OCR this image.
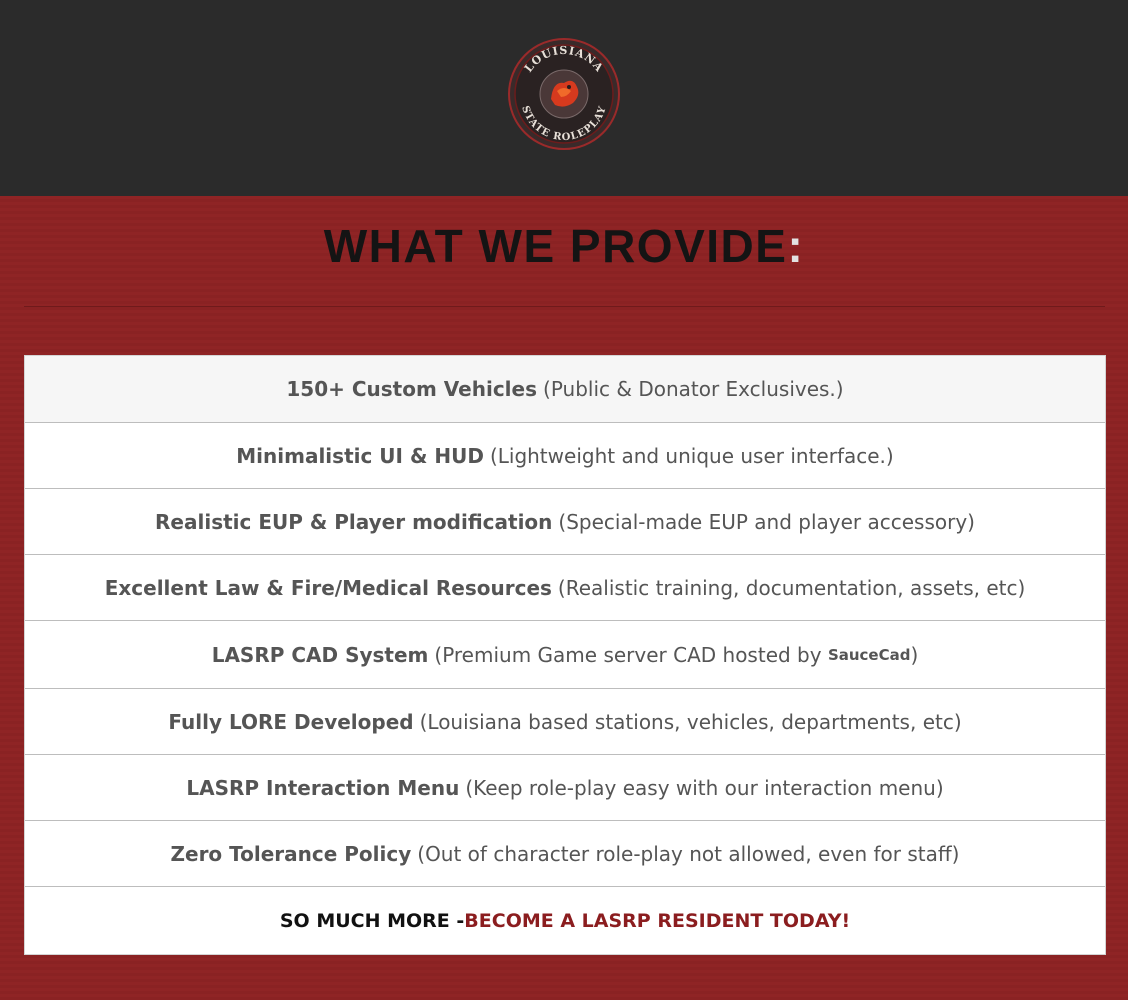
LOUISIANA
STATE ROLEPLAY
WHAT WE PROVIDE:
150+ Custom Vehicles (Public & Donator Exclusives.)
Minimalistic UI & HUD (Lightweight and unique user interface.)
Realistic EUP & Player modification (Special-made EUP and player accessory)
Excellent Law & Fire/Medical Resources (Realistic training, documentation, assets, etc)
LASRP CAD System (Premium Game server CAD hosted by
SauceCad )
Fully LORE Developed (Louisiana based stations, vehicles, departments, etc)
LASRP Interaction Menu (Keep role-play easy with our interaction menu)
Zero Tolerance Policy (Out of character role-play not allowed, even for staff)
SO MUCH MORE - BECOME A LASRP RESIDENT TODAY!
